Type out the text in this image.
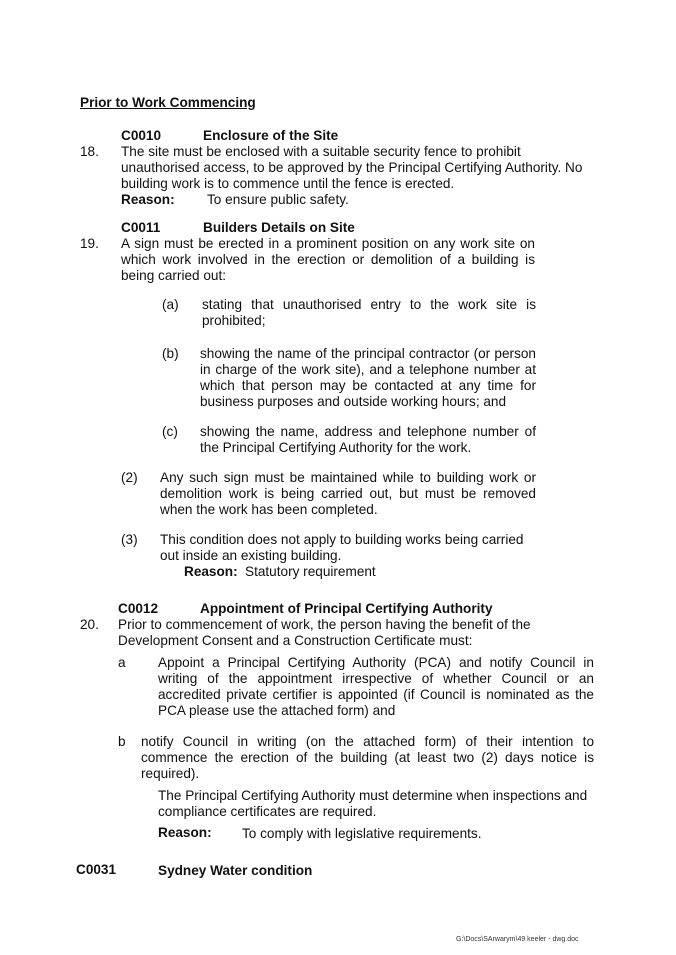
Prior to Work Commencing
C0010	Enclosure of the Site
18. The site must be enclosed with a suitable security fence to prohibit unauthorised access, to be approved by the Principal Certifying Authority. No building work is to commence until the fence is erected.
Reason: To ensure public safety.
C0011	Builders Details on Site
19. A sign must be erected in a prominent position on any work site on which work involved in the erection or demolition of a building is being carried out:
(a) stating that unauthorised entry to the work site is prohibited;
(b) showing the name of the principal contractor (or person in charge of the work site), and a telephone number at which that person may be contacted at any time for business purposes and outside working hours; and
(c) showing the name, address and telephone number of the Principal Certifying Authority for the work.
(2) Any such sign must be maintained while to building work or demolition work is being carried out, but must be removed when the work has been completed.
(3) This condition does not apply to building works being carried out inside an existing building.
Reason: Statutory requirement
C0012	Appointment of Principal Certifying Authority
20. Prior to commencement of work, the person having the benefit of the Development Consent and a Construction Certificate must:
a Appoint a Principal Certifying Authority (PCA) and notify Council in writing of the appointment irrespective of whether Council or an accredited private certifier is appointed (if Council is nominated as the PCA please use the attached form) and
b notify Council in writing (on the attached form) of their intention to commence the erection of the building (at least two (2) days notice is required).
The Principal Certifying Authority must determine when inspections and compliance certificates are required.
Reason: To comply with legislative requirements.
C0031	Sydney Water condition
G:\Docs\SArwarym\49 keeler - dwg.doc
